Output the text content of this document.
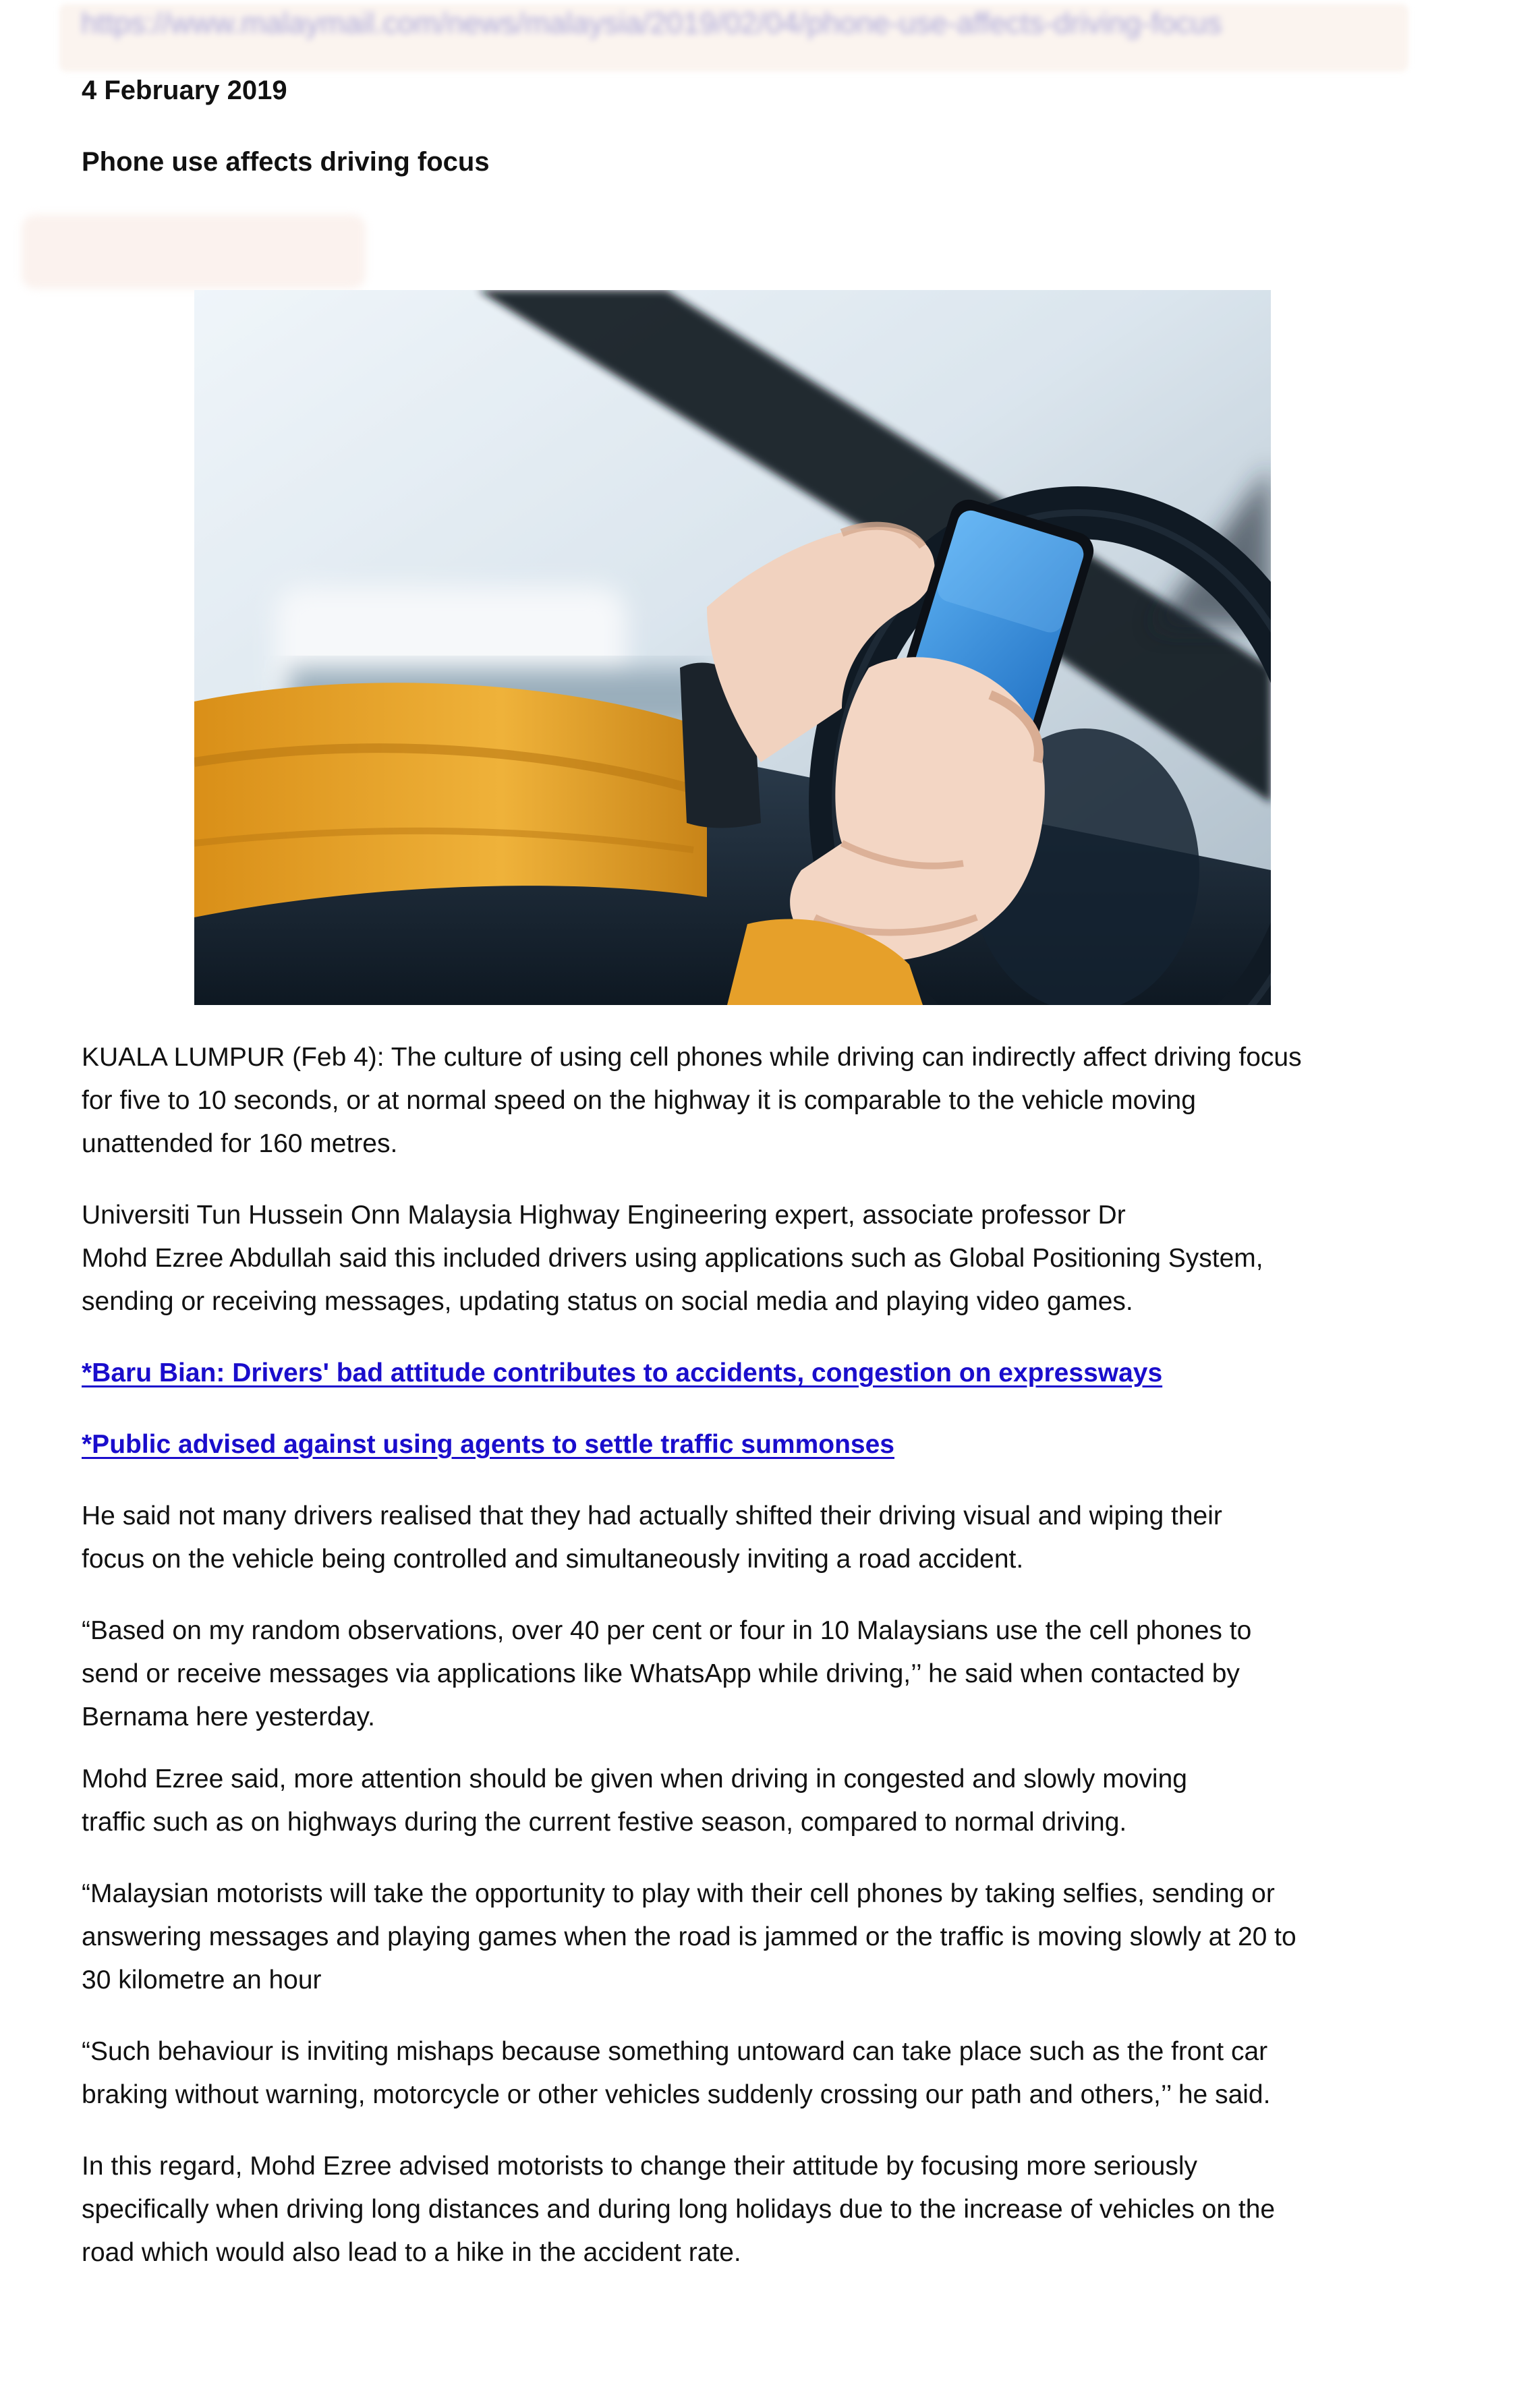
https://www.malaymail.com/news/malaysia/2019/02/04/phone-use-affects-driving-focus
4 February 2019
Phone use affects driving focus

KUALA LUMPUR (Feb 4): The culture of using cell phones while driving can indirectly affect driving focus
for five to 10 seconds, or at normal speed on the highway it is comparable to the vehicle moving
unattended for 160 metres.

Universiti Tun Hussein Onn Malaysia Highway Engineering expert, associate professor Dr
Mohd Ezree Abdullah said this included drivers using applications such as Global Positioning System,
sending or receiving messages, updating status on social media and playing video games.

*Baru Bian: Drivers' bad attitude contributes to accidents, congestion on expressways

*Public advised against using agents to settle traffic summonses

He said not many drivers realised that they had actually shifted their driving visual and wiping their
focus on the vehicle being controlled and simultaneously inviting a road accident.

“Based on my random observations, over 40 per cent or four in 10 Malaysians use the cell phones to
send or receive messages via applications like WhatsApp while driving,’’ he said when contacted by
Bernama here yesterday.

Mohd Ezree said, more attention should be given when driving in congested and slowly moving
traffic such as on highways during the current festive season, compared to normal driving.

“Malaysian motorists will take the opportunity to play with their cell phones by taking selfies, sending or
answering messages and playing games when the road is jammed or the traffic is moving slowly at 20 to
30 kilometre an hour

“Such behaviour is inviting mishaps because something untoward can take place such as the front car
braking without warning, motorcycle or other vehicles suddenly crossing our path and others,’’ he said.

In this regard, Mohd Ezree advised motorists to change their attitude by focusing more seriously
specifically when driving long distances and during long holidays due to the increase of vehicles on the
road which would also lead to a hike in the accident rate.
